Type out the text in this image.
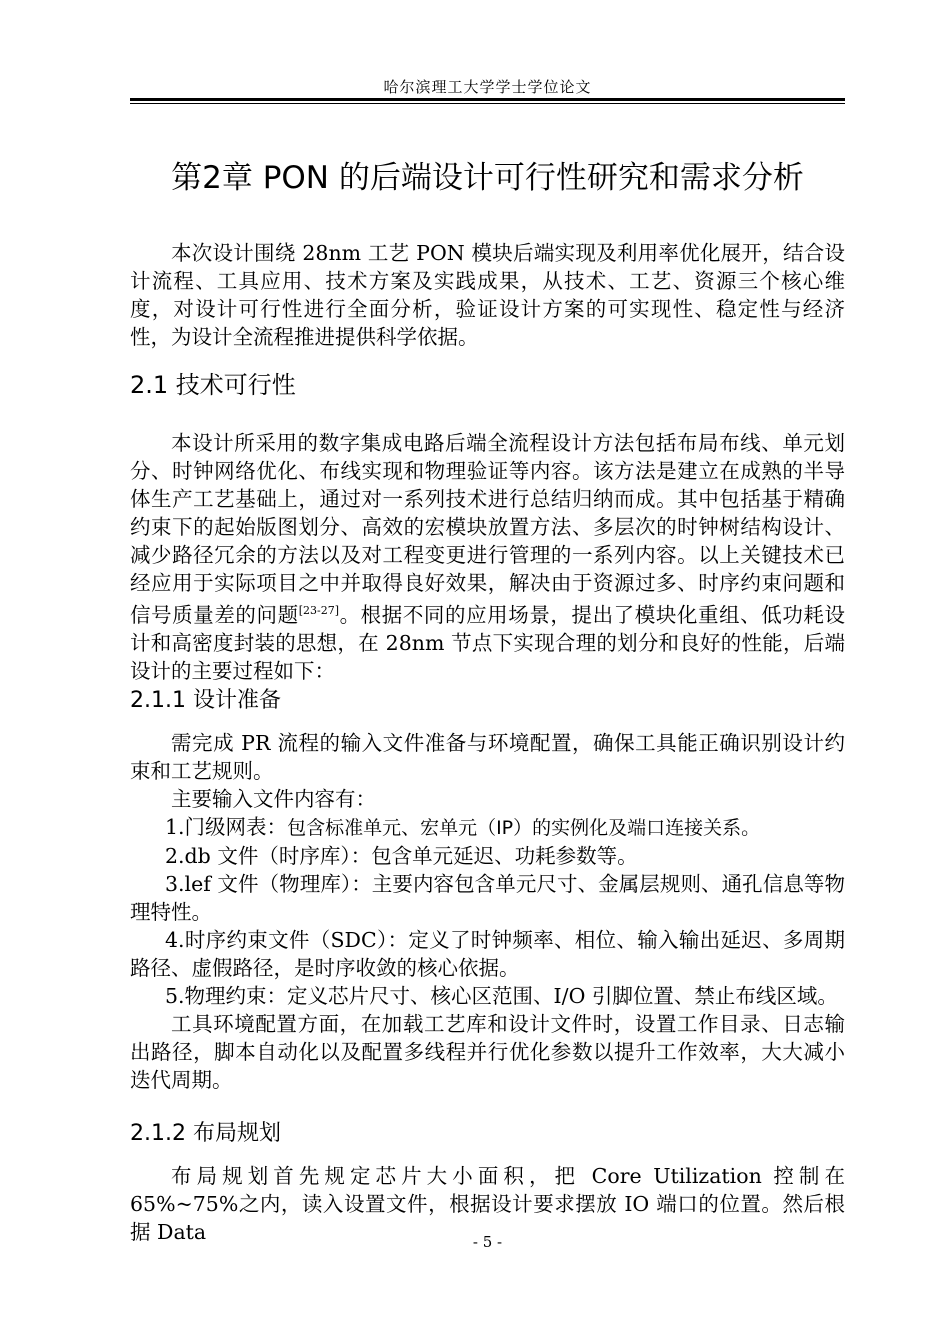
哈尔滨理工大学学士学位论文
第2章 PON 的后端设计可行性研究和需求分析

本次设计围绕 28nm 工艺 PON 模块后端实现及利用率优化展开，结合设计流程、工具应用、技术方案及实践成果，从技术、工艺、资源三个核心维度，对设计可行性进行全面分析，验证设计方案的可实现性、稳定性与经济性，为设计全流程推进提供科学依据。

2.1 技术可行性

本设计所采用的数字集成电路后端全流程设计方法包括布局布线、单元划分、时钟网络优化、布线实现和物理验证等内容。该方法是建立在成熟的半导体生产工艺基础上，通过对一系列技术进行总结归纳而成。其中包括基于精确约束下的起始版图划分、高效的宏模块放置方法、多层次的时钟树结构设计、减少路径冗余的方法以及对工程变更进行管理的一系列内容。以上关键技术已经应用于实际项目之中并取得良好效果，解决由于资源过多、时序约束问题和信号质量差的问题[23-27]。根据不同的应用场景，提出了模块化重组、低功耗设计和高密度封装的思想，在 28nm 节点下实现合理的划分和良好的性能，后端设计的主要过程如下：

2.1.1 设计准备

需完成 PR 流程的输入文件准备与环境配置，确保工具能正确识别设计约束和工艺规则。

主要输入文件内容有：

1.门级网表：包含标准单元、宏单元（IP）的实例化及端口连接关系。

2.db 文件（时序库）：包含单元延迟、功耗参数等。

3.lef 文件（物理库）：主要内容包含单元尺寸、金属层规则、通孔信息等物理特性。

4.时序约束文件（SDC）：定义了时钟频率、相位、输入输出延迟、多周期路径、虚假路径，是时序收敛的核心依据。

5.物理约束：定义芯片尺寸、核心区范围、I/O 引脚位置、禁止布线区域。

工具环境配置方面，在加载工艺库和设计文件时，设置工作目录、日志输出路径，脚本自动化以及配置多线程并行优化参数以提升工作效率，大大减小迭代周期。

2.1.2 布局规划

布局规划首先规定芯片大小面积，把 Core Utilization 控制在 65%~75%之内，读入设置文件，根据设计要求摆放 IO 端口的位置。然后根据 Data	- 5 -
